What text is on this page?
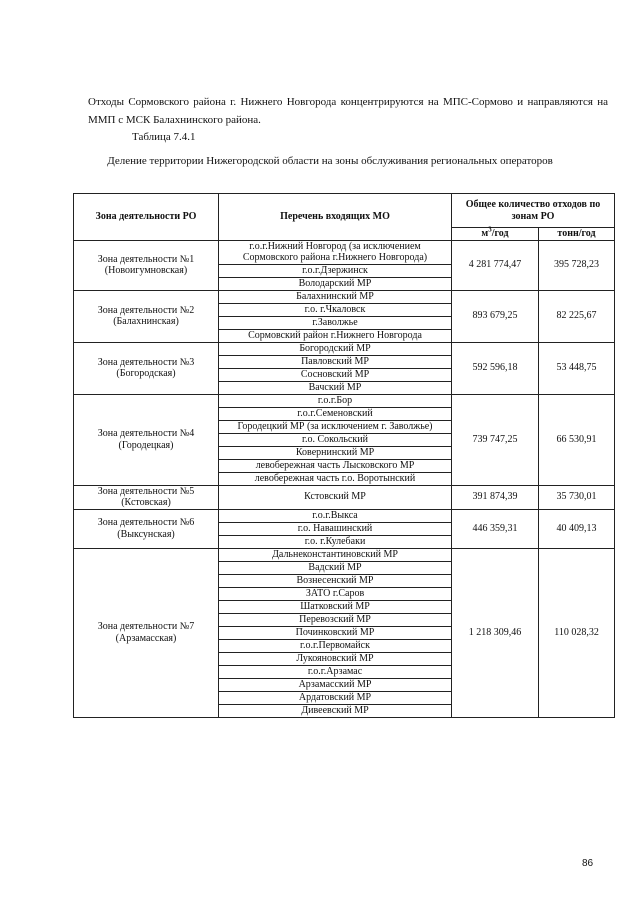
Отходы Сормовского района г. Нижнего Новгорода концентрируются на МПС-Сормово и направляются на ММП с МСК Балахнинского района.
Таблица 7.4.1
Деление территории Нижегородской области на зоны обслуживания региональных операторов
Зона деятельности РО	Перечень входящих МО	Общее количество отходов по зонам РО	
		$м^3$/год	тонн/год
Зона деятельности №1 (Новоигумновская)	г.о.г.Нижний Новгород (за исключением Сормовского района г.Нижнего Новгорода)	4 281 774,47	395 728,23
	г.о.г.Дзержинск		
	Володарский МР		
Зона деятельности №2 (Балахнинская)	Балахнинский МР	893 679,25	82 225,67
	г.о. г.Чкаловск		
	г.Заволжье		
	Сормовский район г.Нижнего Новгорода		
Зона деятельности №3 (Богородская)	Богородский МР	592 596,18	53 448,75
	Павловский МР		
	Сосновский МР		
	Вачский МР		
Зона деятельности №4 (Городецкая)	г.о.г.Бор	739 747,25	66 530,91
	г.о.г.Семеновский		
	Городецкий МР (за исключением г. Заволжье)		
	г.о. Сокольский		
	Ковернинский МР		
	левобережная часть Лысковского МР		
	левобережная часть г.о. Воротынский		
Зона деятельности №5 (Кстовская)	Кстовский МР	391 874,39	35 730,01
Зона деятельности №6 (Выксунская)	г.о.г.Выкса	446 359,31	40 409,13
	г.о. Навашинский		
	г.о. г.Кулебаки		
Зона деятельности №7 (Арзамасская)	Дальнеконстантиновский МР	1 218 309,46	110 028,32
	Вадский МР		
	Вознесенский МР		
	ЗАТО г.Саров		
	Шатковский МР		
	Перевозский МР		
	Починковский МР		
	г.о.г.Первомайск		
	Лукояновский МР		
	г.о.г.Арзамас		
	Арзамасский МР		
	Ардатовский МР		
	Дивеевский МР		
86
